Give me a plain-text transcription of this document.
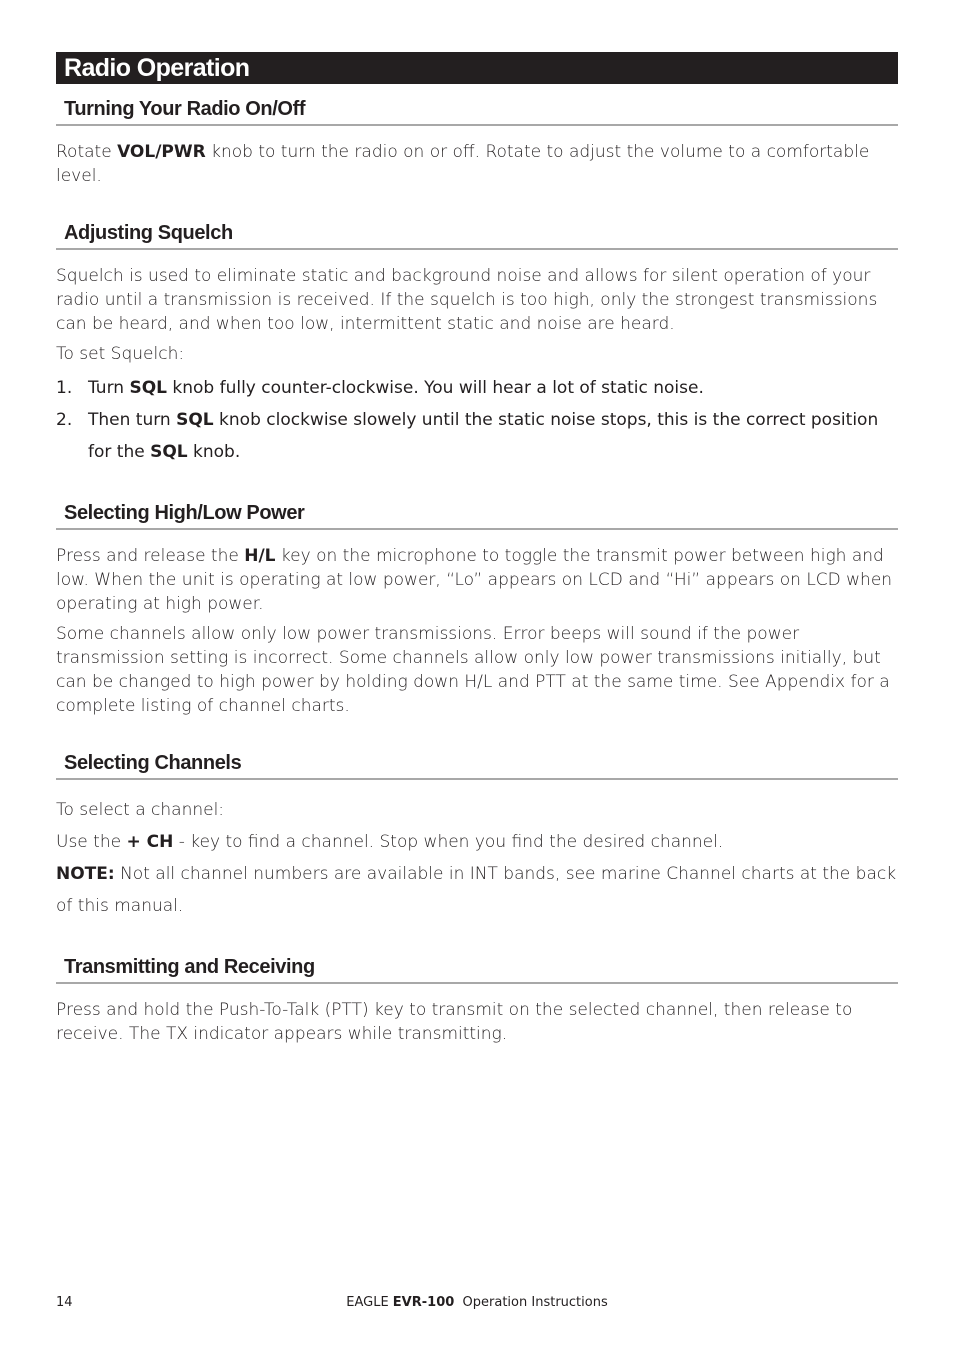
Radio Operation
Turning Your Radio On/Off

Rotate VOL/PWR knob to turn the radio on or off. Rotate to adjust the volume to a comfortable level.

Adjusting Squelch

Squelch is used to eliminate static and background noise and allows for silent operation of your radio until a transmission is received. If the squelch is too high, only the strongest transmissions can be heard, and when too low, intermittent static and noise are heard.

To set Squelch:

1. Turn SQL knob fully counter-clockwise. You will hear a lot of static noise.
2. Then turn SQL knob clockwise slowely until the static noise stops, this is the correct position for the SQL knob.
Selecting High/Low Power

Press and release the H/L key on the microphone to toggle the transmit power between high and low. When the unit is operating at low power, “Lo” appears on LCD and “Hi” appears on LCD when operating at high power.

Some channels allow only low power transmissions. Error beeps will sound if the power transmission setting is incorrect. Some channels allow only low power transmissions initially, but can be changed to high power by holding down H/L and PTT at the same time. See Appendix for a complete listing of channel charts.

Selecting Channels

To select a channel:

Use the + CH - key to find a channel. Stop when you find the desired channel.

NOTE: Not all channel numbers are available in INT bands, see marine Channel charts at the back of this manual.

Transmitting and Receiving

Press and hold the Push-To-Talk (PTT) key to transmit on the selected channel, then release to receive. The TX indicator appears while transmitting.

14	EAGLE EVR-100  Operation Instructions
